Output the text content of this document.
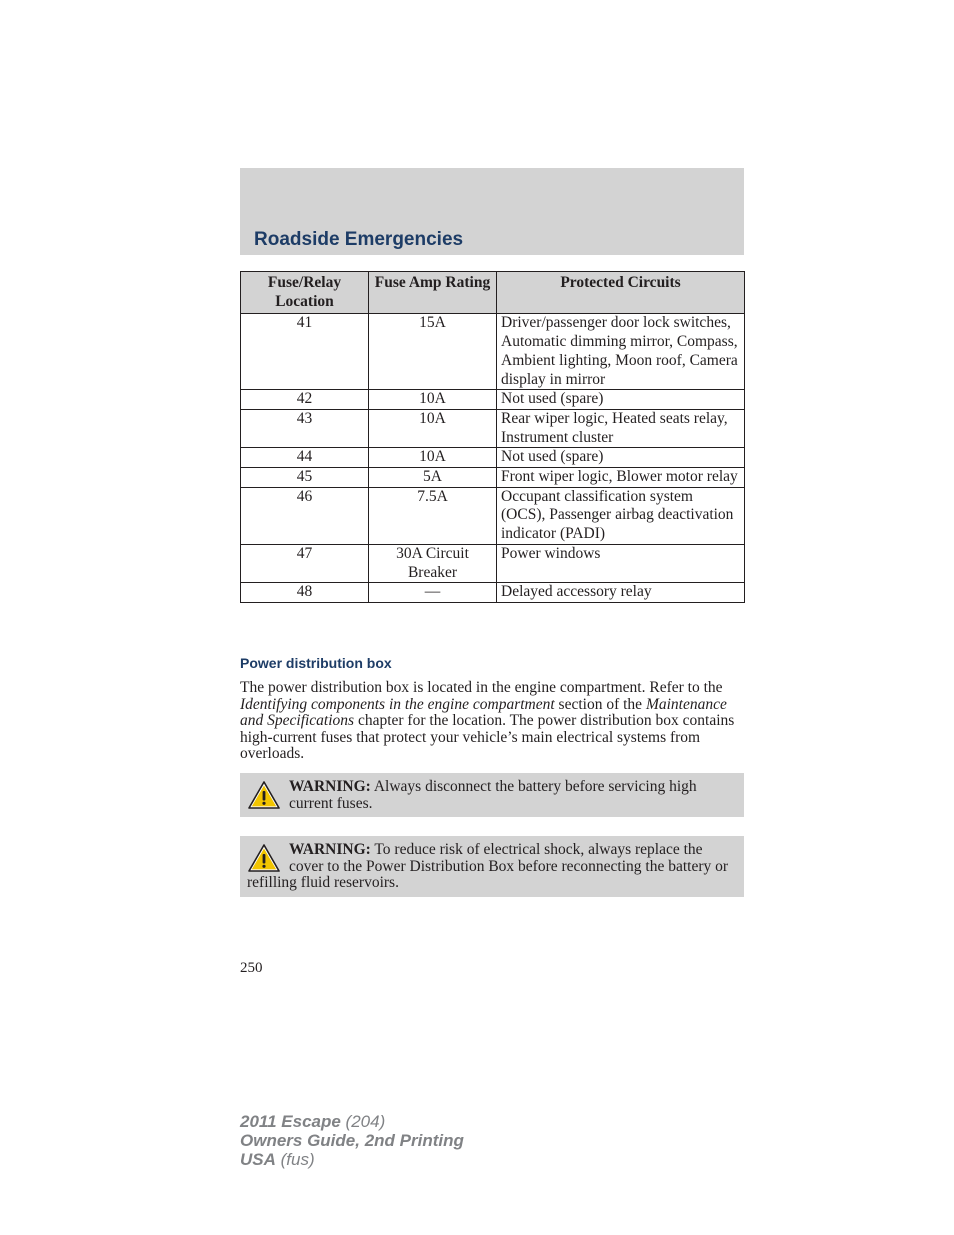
Roadside Emergencies
Fuse/Relay Location	Fuse Amp Rating	Protected Circuits
41	15A	Driver/passenger door lock switches, Automatic dimming mirror, Compass, Ambient lighting, Moon roof, Camera display in mirror
42	10A	Not used (spare)
43	10A	Rear wiper logic, Heated seats relay, Instrument cluster
44	10A	Not used (spare)
45	5A	Front wiper logic, Blower motor relay
46	7.5A	Occupant classification system (OCS), Passenger airbag deactivation indicator (PADI)
47	30A Circuit Breaker	Power windows
48	—	Delayed accessory relay
Power distribution box
The power distribution box is located in the engine compartment. Refer to the Identifying components in the engine compartment section of the Maintenance and Specifications chapter for the location. The power distribution box contains high-current fuses that protect your vehicle’s main electrical systems from overloads.
WARNING: Always disconnect the battery before servicing high current fuses.
WARNING: To reduce risk of electrical shock, always replace the cover to the Power Distribution Box before reconnecting the battery or refilling fluid reservoirs.
250
2011 Escape (204)
Owners Guide, 2nd Printing
USA (fus)
